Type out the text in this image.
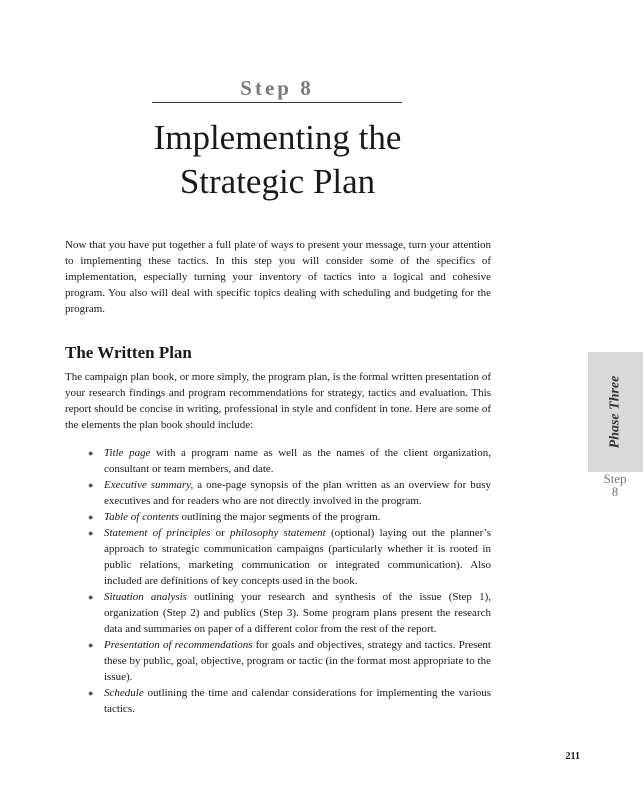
Step 8
Implementing the
Strategic Plan

Now that you have put together a full plate of ways to present your message, turn your attention to implementing these tactics. In this step you will consider some of the specifics of implementation, especially turning your inventory of tactics into a logical and cohesive program. You also will deal with specific topics dealing with scheduling and budgeting for the program.

The Written Plan

The campaign plan book, or more simply, the program plan, is the formal written presentation of your research findings and program recommendations for strategy, tactics and evaluation. This report should be concise in writing, professional in style and confident in tone. Here are some of the elements the plan book should include:

● Title page with a program name as well as the names of the client organization, consultant or team members, and date.
● Executive summary, a one-page synopsis of the plan written as an overview for busy executives and for readers who are not directly involved in the program.
● Table of contents outlining the major segments of the program.
● Statement of principles or philosophy statement (optional) laying out the planner’s approach to strategic communication campaigns (particularly whether it is rooted in public relations, marketing communication or integrated communication). Also included are definitions of key concepts used in the book.
● Situation analysis outlining your research and synthesis of the issue (Step 1), organization (Step 2) and publics (Step 3). Some program plans present the research data and summaries on paper of a different color from the rest of the report.
● Presentation of recommendations for goals and objectives, strategy and tactics. Present these by public, goal, objective, program or tactic (in the format most appropriate to the issue).
● Schedule outlining the time and calendar considerations for implementing the various tactics.
Phase Three
Step
8
211
